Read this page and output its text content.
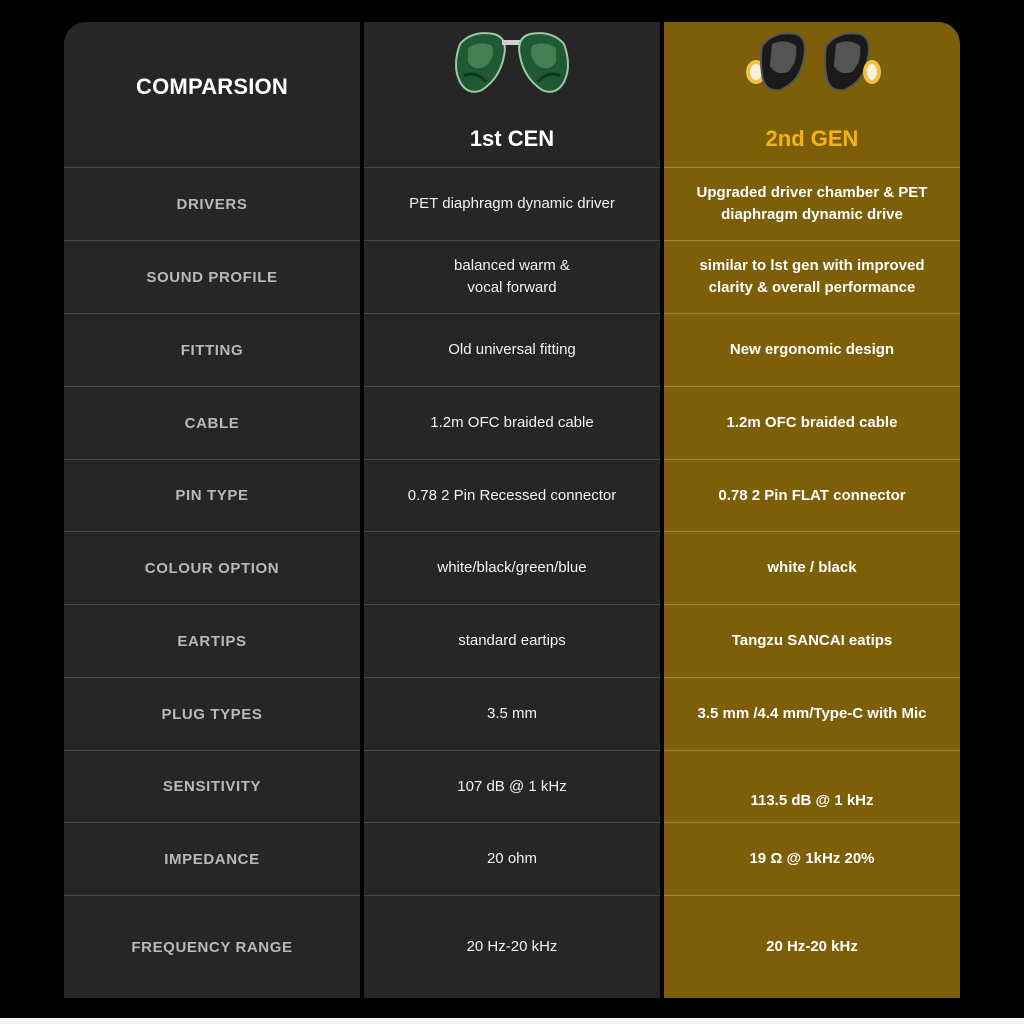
COMPARSION
DRIVERS
SOUND PROFILE
FITTING
CABLE
PIN TYPE
COLOUR OPTION
EARTIPS
PLUG TYPES
SENSITIVITY
IMPEDANCE
FREQUENCY RANGE
1st CEN
PET diaphragm dynamic driver
balanced warm &
vocal forward
Old universal fitting
1.2m OFC braided cable
0.78 2 Pin Recessed connector
white/black/green/blue
standard eartips
3.5 mm
107 dB @ 1 kHz
20 ohm
20 Hz-20 kHz
2nd GEN
Upgraded driver chamber & PET
diaphragm dynamic drive
similar to lst gen with improved
clarity & overall performance
New ergonomic design
1.2m OFC braided cable
0.78 2 Pin FLAT connector
white / black
Tangzu SANCAI eatips
3.5 mm /4.4 mm/Type-C with Mic
113.5 dB @ 1 kHz
19 Ω @ 1kHz 20%
20 Hz-20 kHz
